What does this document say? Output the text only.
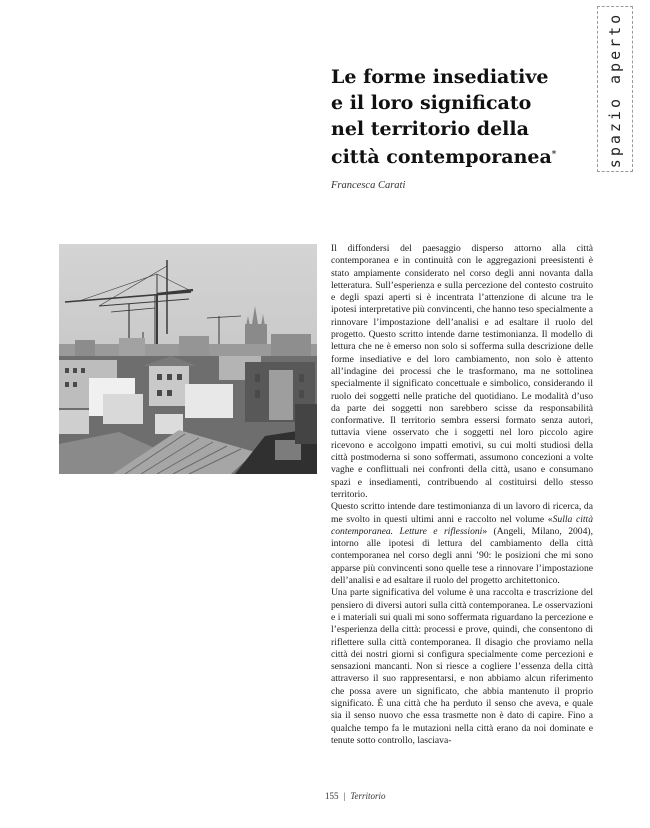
spazio aperto
Le forme insediative
e il loro significato
nel territorio della
città contemporanea*
Francesca Carati

Il diffondersi del paesaggio disperso attorno alla città contemporanea e in continuità con le aggregazioni preesistenti è stato ampiamente considerato nel corso degli anni novanta dalla letteratura. Sull’esperienza e sulla percezione del contesto costruito e degli spazi aperti si è incentrata l’attenzione di alcune tra le ipotesi interpretative più convincenti, che hanno teso specialmente a rinnovare l’impostazione dell’analisi e ad esaltare il ruolo del progetto. Questo scritto intende darne testimonianza. Il modello di lettura che ne è emerso non solo si sofferma sulla descrizione delle forme insediative e del loro cambiamento, non solo è attento all’indagine dei processi che le trasformano, ma ne sottolinea specialmente il significato concettuale e simbolico, considerando il ruolo dei soggetti nelle pratiche del quotidiano. Le modalità d’uso da parte dei soggetti non sarebbero scisse da responsabilità conformative. Il territorio sembra essersi formato senza autori, tuttavia viene osservato che i soggetti nel loro piccolo agire ricevono e accolgono impatti emotivi, su cui molti studiosi della città postmoderna si sono soffermati, assumono concezioni a volte vaghe e conflittuali nei confronti della città, usano e consumano spazi e insediamenti, contribuendo al costituirsi dello stesso territorio.

Questo scritto intende dare testimonianza di un lavoro di ricerca, da me svolto in questi ultimi anni e raccolto nel volume «Sulla città contemporanea. Letture e riflessioni» (Angeli, Milano, 2004), intorno alle ipotesi di lettura del cambiamento della città contemporanea nel corso degli anni ’90: le posizioni che mi sono apparse più convincenti sono quelle tese a rinnovare l’impostazione dell’analisi e ad esaltare il ruolo del progetto architettonico.

Una parte significativa del volume è una raccolta e trascrizione del pensiero di diversi autori sulla città contemporanea. Le osservazioni e i materiali sui quali mi sono soffermata riguardano la percezione e l’esperienza della città: processi e prove, quindi, che consentono di riflettere sulla città contemporanea. Il disagio che proviamo nella città dei nostri giorni si configura specialmente come percezioni e sensazioni mancanti. Non si riesce a cogliere l’essenza della città attraverso il suo rappresentarsi, e non abbiamo alcun riferimento che possa avere un significato, che abbia mantenuto il proprio significato. È una città che ha perduto il senso che aveva, e quale sia il senso nuovo che essa trasmette non è dato di capire. Fino a qualche tempo fa le mutazioni nella città erano da noi dominate e tenute sotto controllo, lasciava-

155 | Territorio
